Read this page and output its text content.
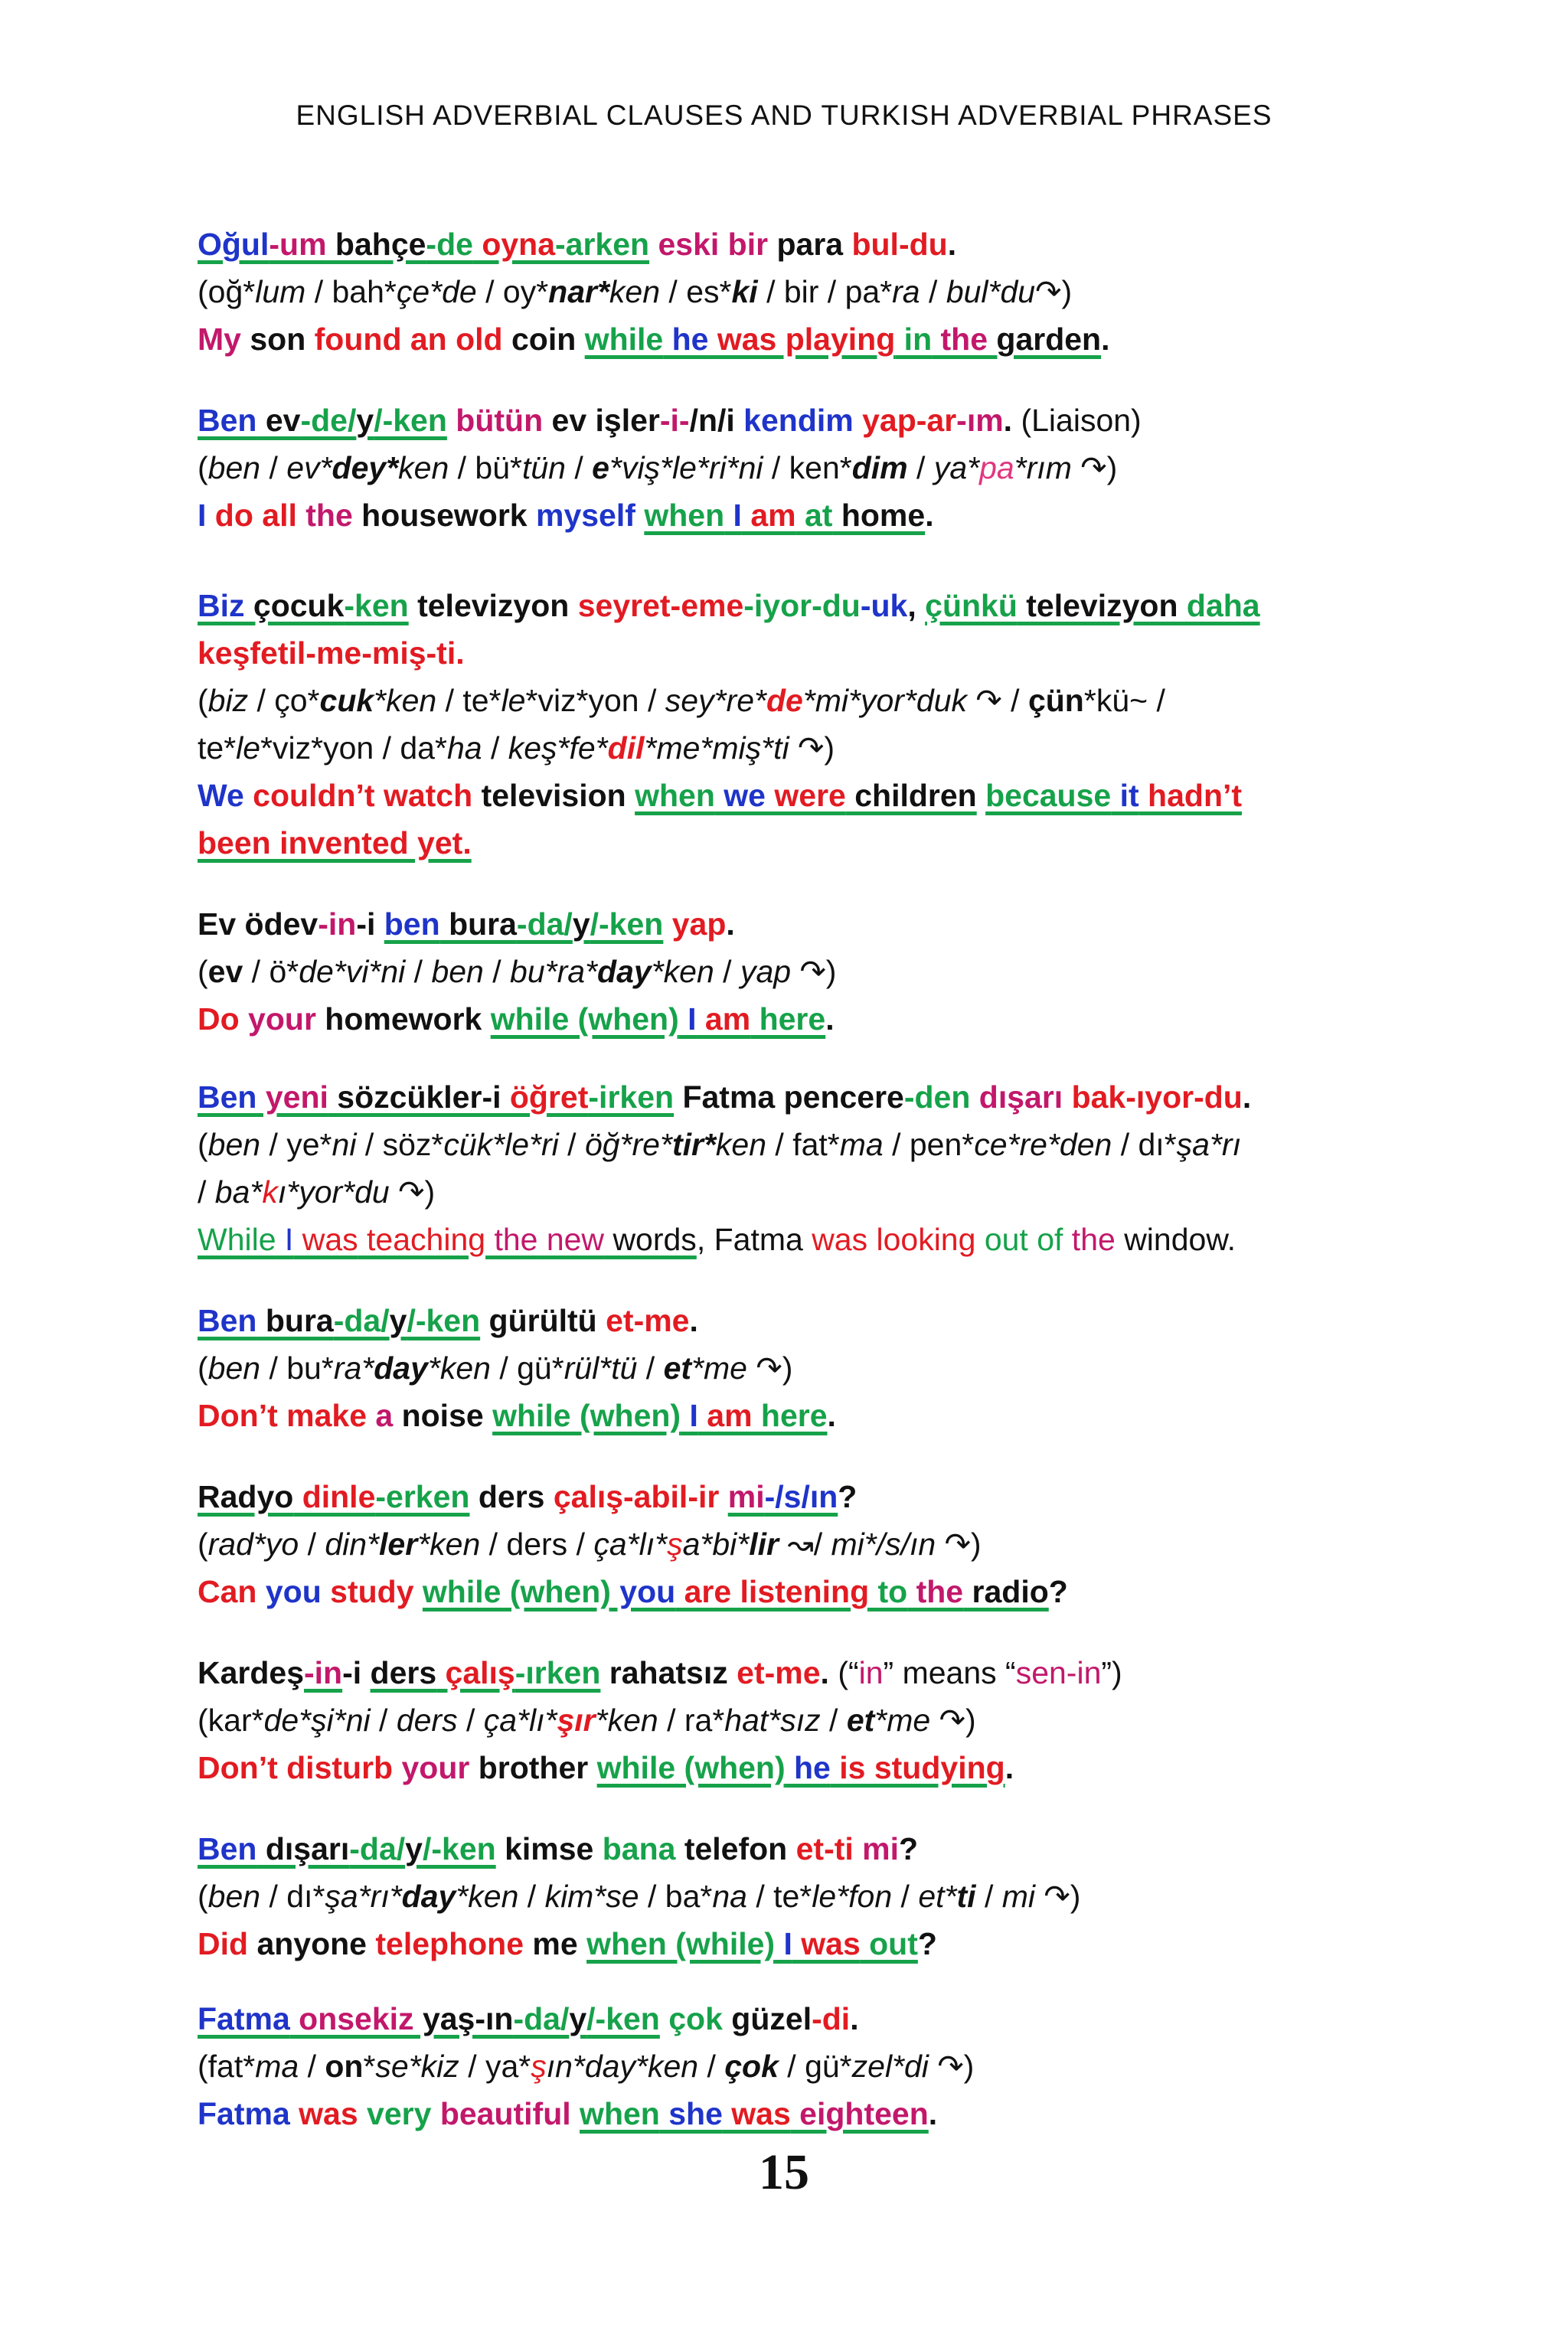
ENGLISH ADVERBIAL CLAUSES AND TURKISH ADVERBIAL PHRASES
Oğul-um bahçe-de oyna-arken eski bir para bul-du.
(oğ*lum / bah*çe*de / oy*nar*ken / es*ki / bir / pa*ra / bul*du↷)
My son found an old coin while he was playing in the garden.
Ben ev-de/y/-ken bütün ev işler-i-/n/i kendim yap-ar-ım. (Liaison)
(ben / ev*dey*ken / bü*tün / e*viş*le*ri*ni / ken*dim / ya*pa*rım ↷)
I do all the housework myself when I am at home.
Biz çocuk-ken televizyon seyret-eme-iyor-du-uk, çünkü televizyon daha
keşfetil-me-miş-ti.
(biz / ço*cuk*ken / te*le*viz*yon / sey*re*de*mi*yor*duk ↷ / çün*kü~ /
te*le*viz*yon / da*ha / keş*fe*dil*me*miş*ti ↷)
We couldn’t watch television when we were children because it hadn’t
been invented yet.
Ev ödev-in-i ben bura-da/y/-ken yap.
(ev / ö*de*vi*ni / ben / bu*ra*day*ken / yap ↷)
Do your homework while (when) I am here.
Ben yeni sözcükler-i öğret-irken Fatma pencere-den dışarı bak-ıyor-du.
(ben / ye*ni / söz*cük*le*ri / öğ*re*tir*ken / fat*ma / pen*ce*re*den / dı*şa*rı
/ ba*kı*yor*du ↷)
While I was teaching the new words, Fatma was looking out of the window.
Ben bura-da/y/-ken gürültü et-me.
(ben / bu*ra*day*ken / gü*rül*tü / et*me ↷)
Don’t make a noise while (when) I am here.
Radyo dinle-erken ders çalış-abil-ir mi-/s/ın?
(rad*yo / din*ler*ken / ders / ça*lı*şa*bi*lir ↝/ mi*/s/ın ↷)
Can you study while (when) you are listening to the radio?
Kardeş-in-i ders çalış-ırken rahatsız et-me. (“in” means “sen-in”)
(kar*de*şi*ni / ders / ça*lı*şır*ken / ra*hat*sız / et*me ↷)
Don’t disturb your brother while (when) he is studying.
Ben dışarı-da/y/-ken kimse bana telefon et-ti mi?
(ben / dı*şa*rı*day*ken / kim*se / ba*na / te*le*fon / et*ti / mi ↷)
Did anyone telephone me when (while) I was out?
Fatma onsekiz yaş-ın-da/y/-ken çok güzel-di.
(fat*ma / on*se*kiz / ya*şın*day*ken / çok / gü*zel*di ↷)
Fatma was very beautiful when she was eighteen.
15
